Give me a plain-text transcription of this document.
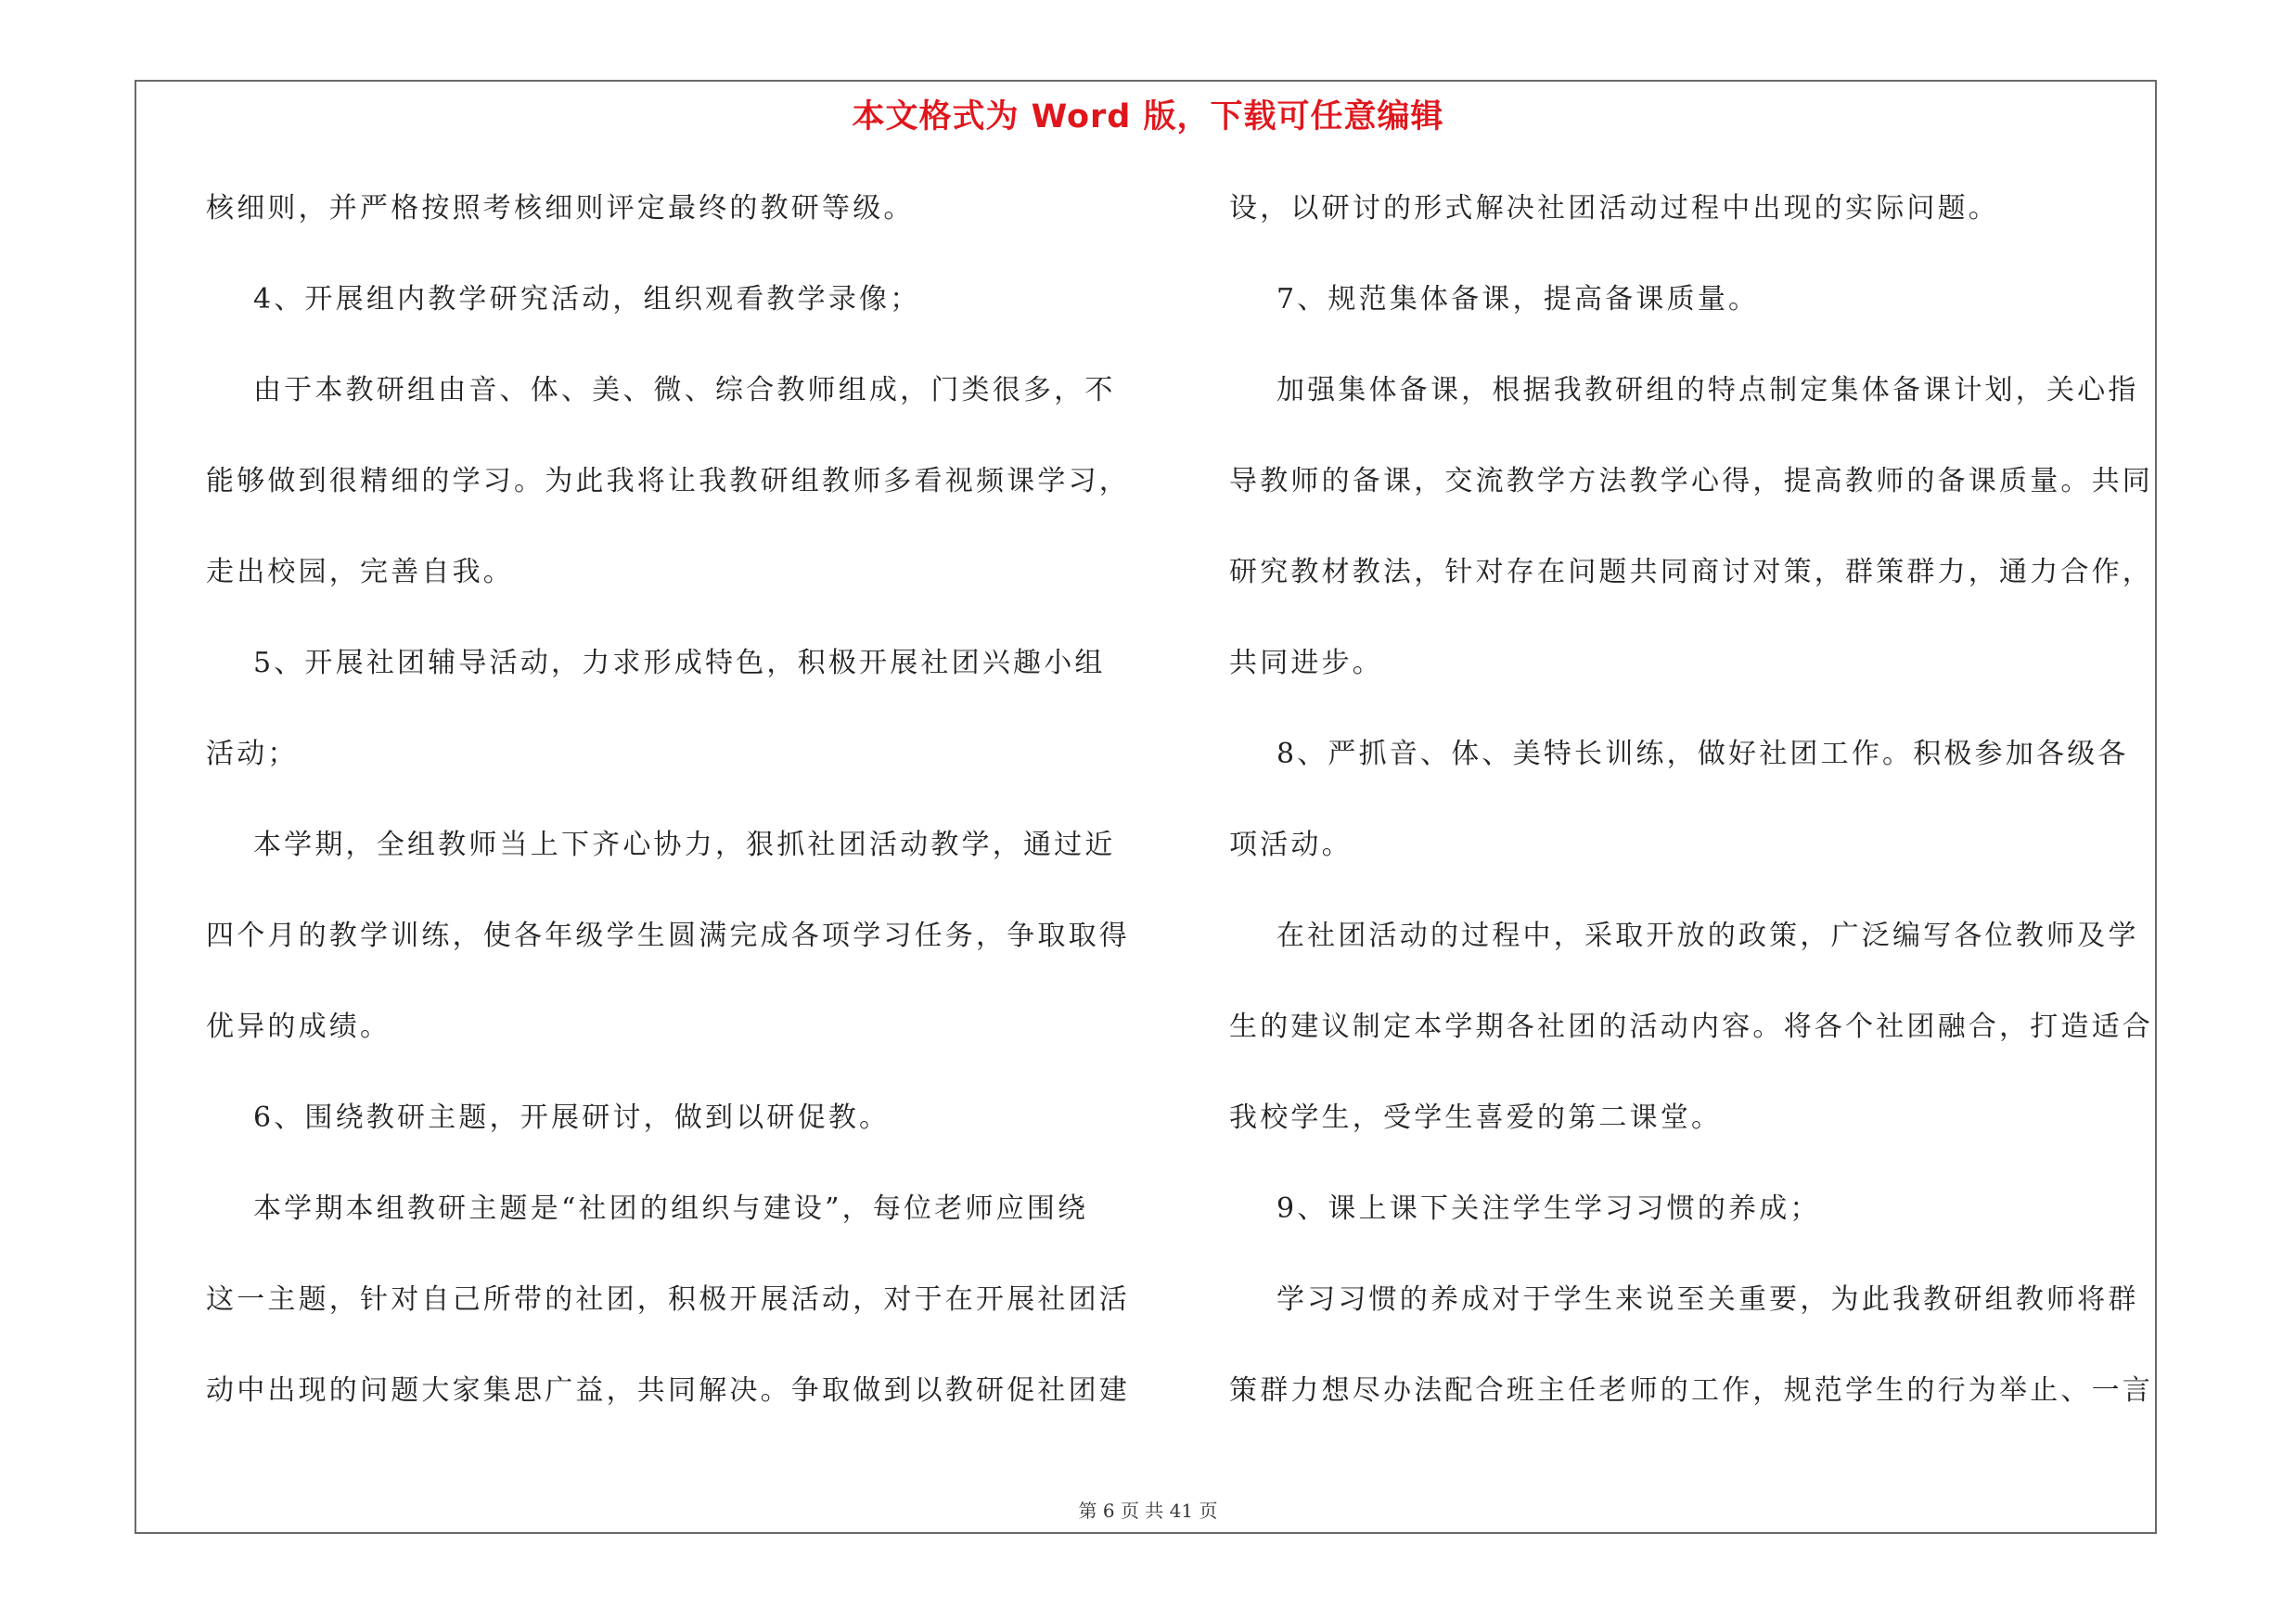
本文格式为 Word 版，下载可任意编辑
核细则，并严格按照考核细则评定最终的教研等级。
4、开展组内教学研究活动，组织观看教学录像；
由于本教研组由音、体、美、微、综合教师组成，门类很多，不
能够做到很精细的学习。为此我将让我教研组教师多看视频课学习，
走出校园，完善自我。
5、开展社团辅导活动，力求形成特色，积极开展社团兴趣小组
活动；
本学期，全组教师当上下齐心协力，狠抓社团活动教学，通过近
四个月的教学训练，使各年级学生圆满完成各项学习任务，争取取得
优异的成绩。
6、围绕教研主题，开展研讨，做到以研促教。
本学期本组教研主题是“社团的组织与建设”，每位老师应围绕
这一主题，针对自己所带的社团，积极开展活动，对于在开展社团活
动中出现的问题大家集思广益，共同解决。争取做到以教研促社团建
设，以研讨的形式解决社团活动过程中出现的实际问题。
7、规范集体备课，提高备课质量。
加强集体备课，根据我教研组的特点制定集体备课计划，关心指
导教师的备课，交流教学方法教学心得，提高教师的备课质量。共同
研究教材教法，针对存在问题共同商讨对策，群策群力，通力合作，
共同进步。
8、严抓音、体、美特长训练，做好社团工作。积极参加各级各
项活动。
在社团活动的过程中，采取开放的政策，广泛编写各位教师及学
生的建议制定本学期各社团的活动内容。将各个社团融合，打造适合
我校学生，受学生喜爱的第二课堂。
9、课上课下关注学生学习习惯的养成；
学习习惯的养成对于学生来说至关重要，为此我教研组教师将群
策群力想尽办法配合班主任老师的工作，规范学生的行为举止、一言
第 6 页 共 41 页
